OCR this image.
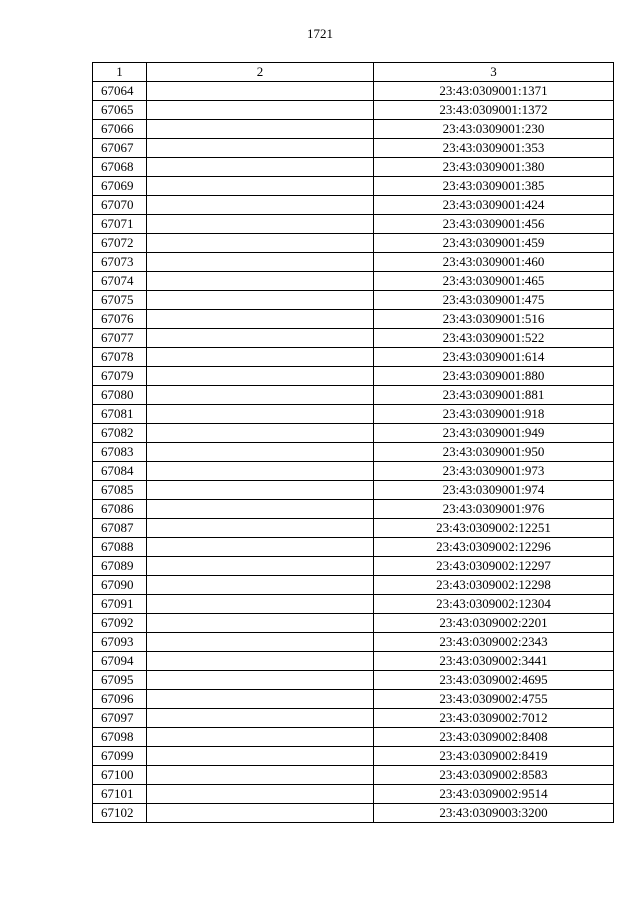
1721
1	2	3
67064		23:43:0309001:1371
67065		23:43:0309001:1372
67066		23:43:0309001:230
67067		23:43:0309001:353
67068		23:43:0309001:380
67069		23:43:0309001:385
67070		23:43:0309001:424
67071		23:43:0309001:456
67072		23:43:0309001:459
67073		23:43:0309001:460
67074		23:43:0309001:465
67075		23:43:0309001:475
67076		23:43:0309001:516
67077		23:43:0309001:522
67078		23:43:0309001:614
67079		23:43:0309001:880
67080		23:43:0309001:881
67081		23:43:0309001:918
67082		23:43:0309001:949
67083		23:43:0309001:950
67084		23:43:0309001:973
67085		23:43:0309001:974
67086		23:43:0309001:976
67087		23:43:0309002:12251
67088		23:43:0309002:12296
67089		23:43:0309002:12297
67090		23:43:0309002:12298
67091		23:43:0309002:12304
67092		23:43:0309002:2201
67093		23:43:0309002:2343
67094		23:43:0309002:3441
67095		23:43:0309002:4695
67096		23:43:0309002:4755
67097		23:43:0309002:7012
67098		23:43:0309002:8408
67099		23:43:0309002:8419
67100		23:43:0309002:8583
67101		23:43:0309002:9514
67102		23:43:0309003:3200
